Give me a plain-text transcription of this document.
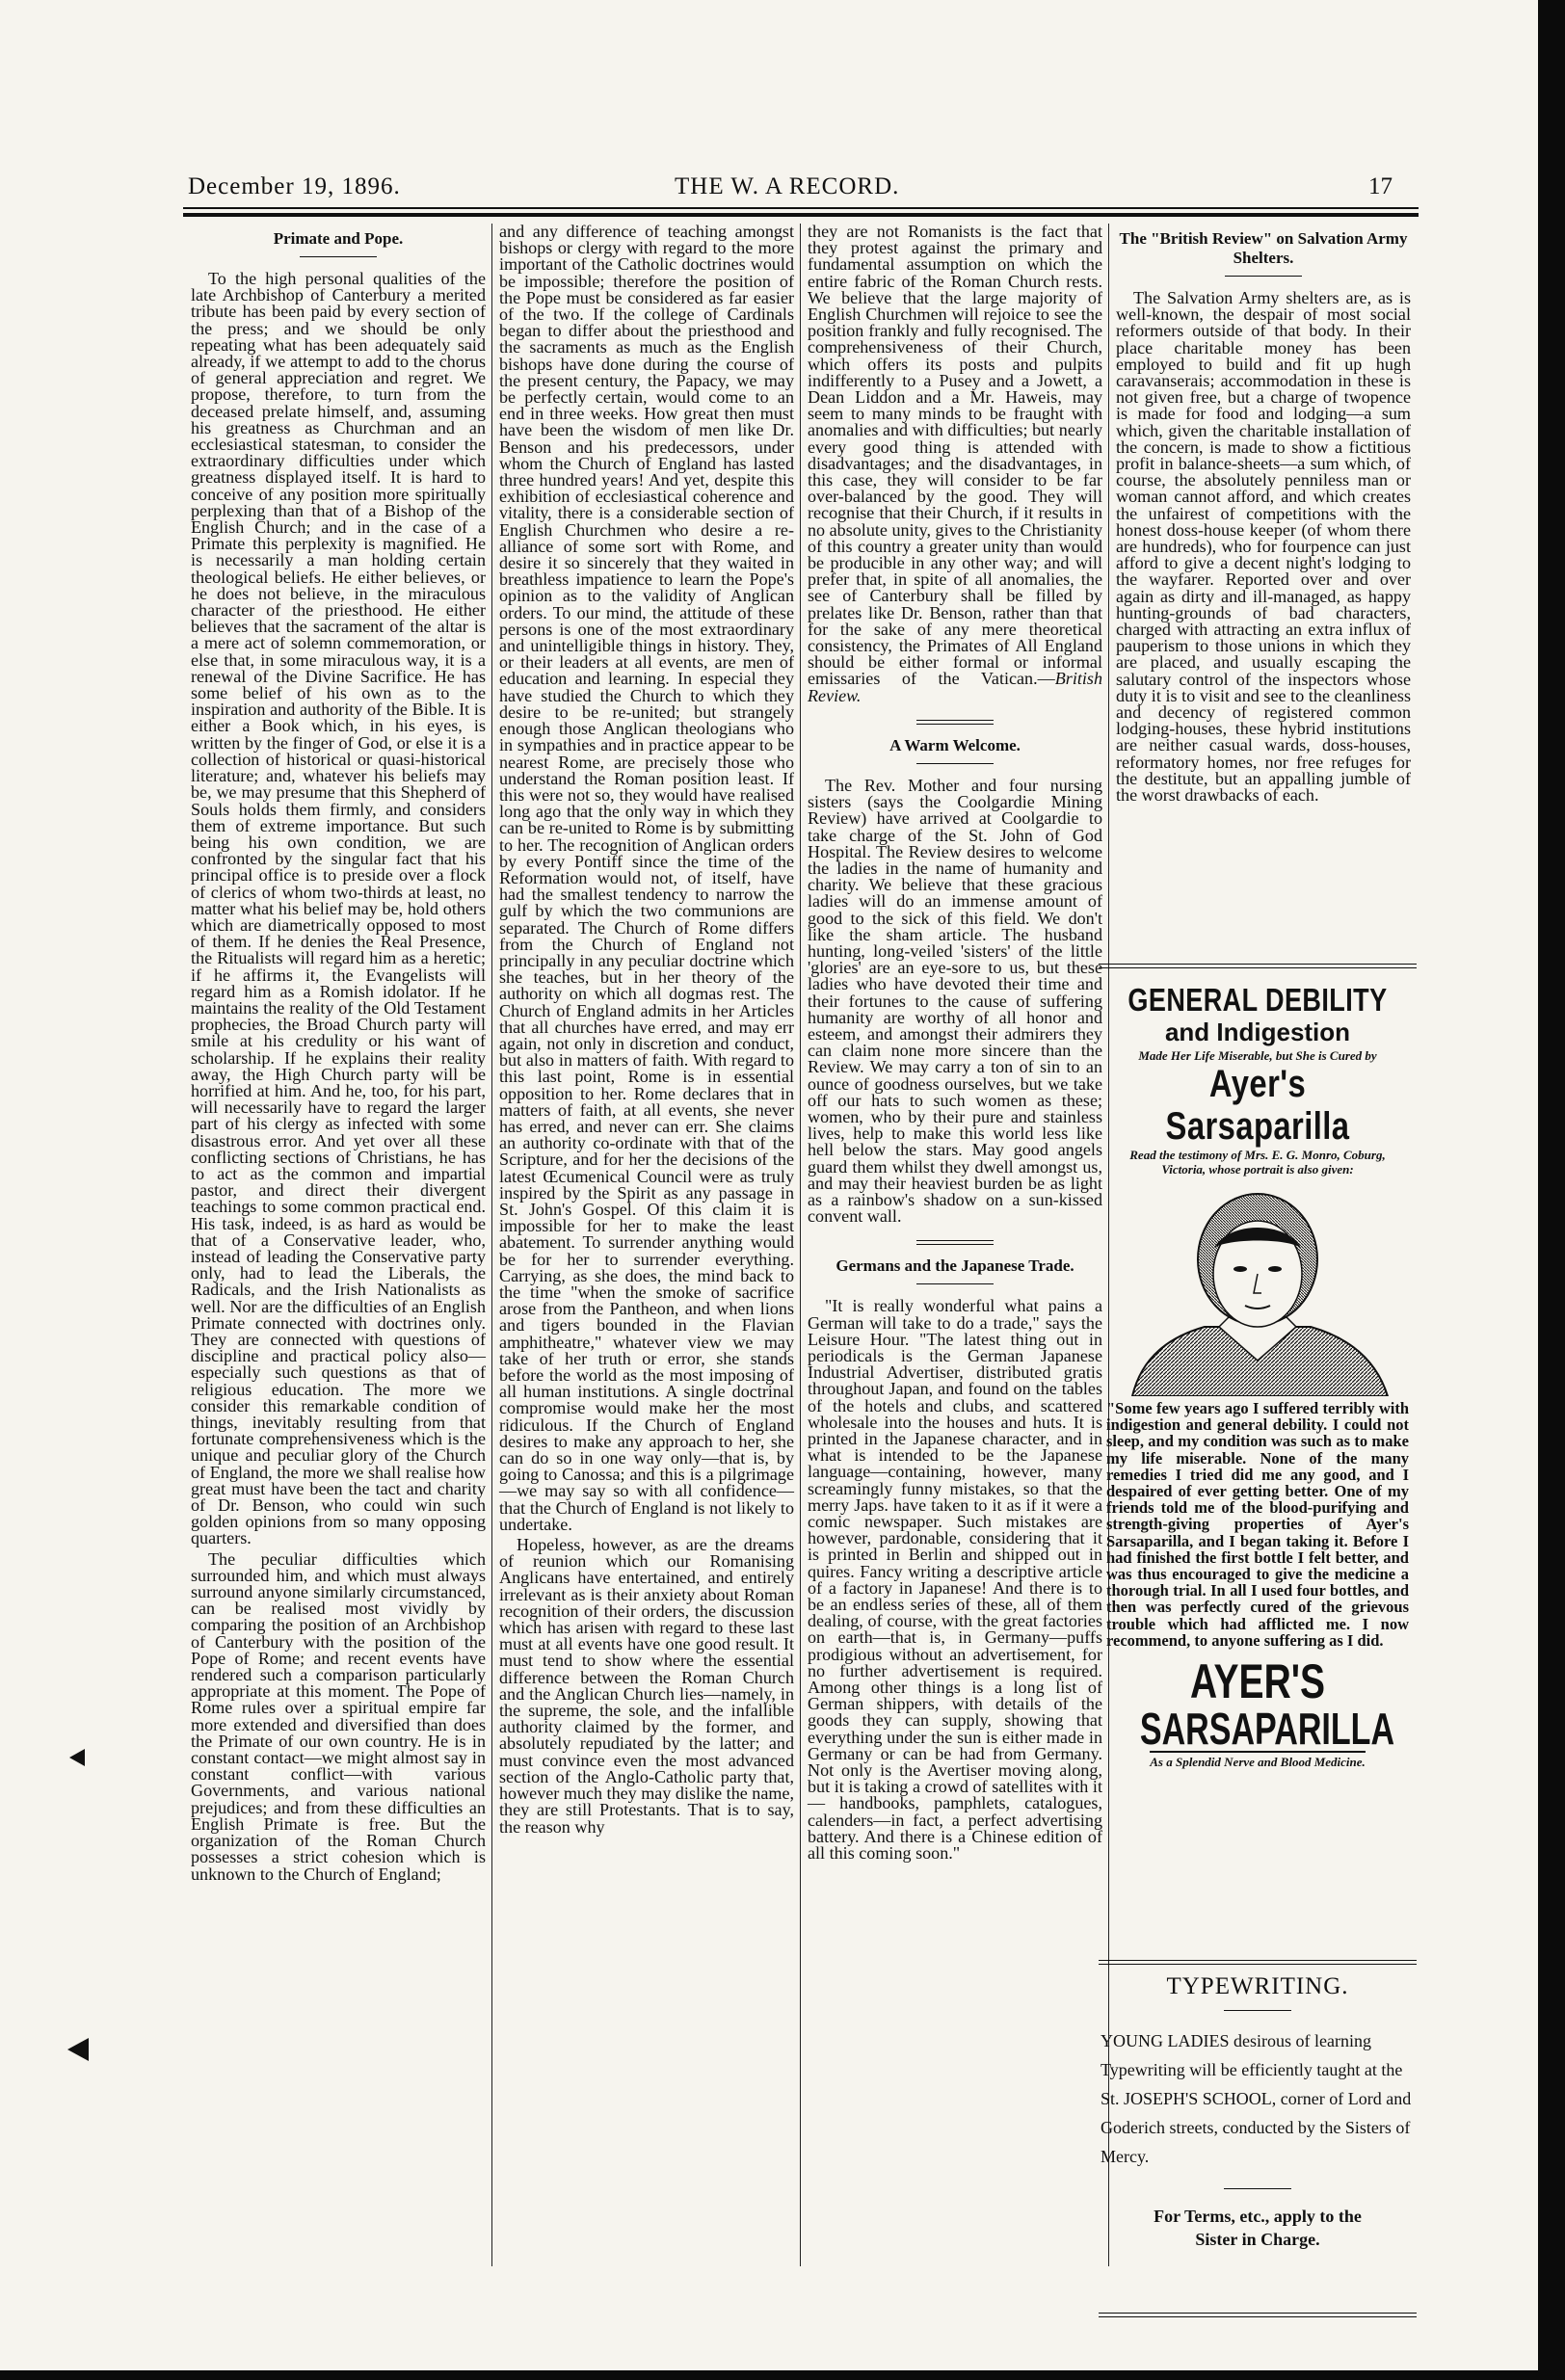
December 19, 1896.	THE W. A RECORD.	17
Primate and Pope.

To the high personal qualities of the late Archbishop of Canterbury a merited tribute has been paid by every section of the press; and we should be only repeating what has been adequately said already, if we attempt to add to the chorus of general appreciation and regret. We propose, therefore, to turn from the deceased prelate himself, and, assuming his greatness as Churchman and an ecclesiastical statesman, to consider the extraordinary difficulties under which greatness displayed itself. It is hard to conceive of any position more spiritually perplexing than that of a Bishop of the English Church; and in the case of a Primate this perplexity is magnified. He is necessarily a man holding certain theological beliefs. He either believes, or he does not believe, in the miraculous character of the priesthood. He either believes that the sacrament of the altar is a mere act of solemn commemoration, or else that, in some miraculous way, it is a renewal of the Divine Sacrifice. He has some belief of his own as to the inspiration and authority of the Bible. It is either a Book which, in his eyes, is written by the finger of God, or else it is a collection of historical or quasi-historical literature; and, whatever his beliefs may be, we may presume that this Shepherd of Souls holds them firmly, and considers them of extreme importance. But such being his own condition, we are confronted by the singular fact that his principal office is to preside over a flock of clerics of whom two-thirds at least, no matter what his belief may be, hold others which are diametrically opposed to most of them. If he denies the Real Presence, the Ritualists will regard him as a heretic; if he affirms it, the Evangelists will regard him as a Romish idolator. If he maintains the reality of the Old Testament prophecies, the Broad Church party will smile at his credulity or his want of scholarship. If he explains their reality away, the High Church party will be horrified at him. And he, too, for his part, will necessarily have to regard the larger part of his clergy as infected with some disastrous error. And yet over all these conflicting sections of Christians, he has to act as the common and impartial pastor, and direct their divergent teachings to some common practical end. His task, indeed, is as hard as would be that of a Conservative leader, who, instead of leading the Conservative party only, had to lead the Liberals, the Radicals, and the Irish Nationalists as well. Nor are the difficulties of an English Primate connected with doctrines only. They are connected with questions of discipline and practical policy also—especially such questions as that of religious education. The more we consider this remarkable condition of things, inevitably resulting from that fortunate comprehensiveness which is the unique and peculiar glory of the Church of England, the more we shall realise how great must have been the tact and charity of Dr. Benson, who could win such golden opinions from so many opposing quarters.

The peculiar difficulties which surrounded him, and which must always surround anyone similarly circumstanced, can be realised most vividly by comparing the position of an Archbishop of Canterbury with the position of the Pope of Rome; and recent events have rendered such a comparison particularly appropriate at this moment. The Pope of Rome rules over a spiritual empire far more extended and diversified than does the Primate of our own country. He is in constant contact—we might almost say in constant conflict—with various Governments, and various national prejudices; and from these difficulties an English Primate is free. But the organization of the Roman Church possesses a strict cohesion which is unknown to the Church of England;

and any difference of teaching amongst bishops or clergy with regard to the more important of the Catholic doctrines would be impossible; therefore the position of the Pope must be considered as far easier of the two. If the college of Cardinals began to differ about the priesthood and the sacraments as much as the English bishops have done during the course of the present century, the Papacy, we may be perfectly certain, would come to an end in three weeks. How great then must have been the wisdom of men like Dr. Benson and his predecessors, under whom the Church of England has lasted three hundred years! And yet, despite this exhibition of ecclesiastical coherence and vitality, there is a considerable section of English Churchmen who desire a re-alliance of some sort with Rome, and desire it so sincerely that they waited in breathless impatience to learn the Pope's opinion as to the validity of Anglican orders. To our mind, the attitude of these persons is one of the most extraordinary and unintelligible things in history. They, or their leaders at all events, are men of education and learning. In especial they have studied the Church to which they desire to be re-united; but strangely enough those Anglican theologians who in sympathies and in practice appear to be nearest Rome, are precisely those who understand the Roman position least. If this were not so, they would have realised long ago that the only way in which they can be re-united to Rome is by submitting to her. The recognition of Anglican orders by every Pontiff since the time of the Reformation would not, of itself, have had the smallest tendency to narrow the gulf by which the two communions are separated. The Church of Rome differs from the Church of England not principally in any peculiar doctrine which she teaches, but in her theory of the authority on which all dogmas rest. The Church of England admits in her Articles that all churches have erred, and may err again, not only in discretion and conduct, but also in matters of faith. With regard to this last point, Rome is in essential opposition to her. Rome declares that in matters of faith, at all events, she never has erred, and never can err. She claims an authority co-ordinate with that of the Scripture, and for her the decisions of the latest Œcumenical Council were as truly inspired by the Spirit as any passage in St. John's Gospel. Of this claim it is impossible for her to make the least abatement. To surrender anything would be for her to surrender everything. Carrying, as she does, the mind back to the time "when the smoke of sacrifice arose from the Pantheon, and when lions and tigers bounded in the Flavian amphitheatre," whatever view we may take of her truth or error, she stands before the world as the most imposing of all human institutions. A single doctrinal compromise would make her the most ridiculous. If the Church of England desires to make any approach to her, she can do so in one way only—that is, by going to Canossa; and this is a pilgrimage—we may say so with all confidence—that the Church of England is not likely to undertake.

Hopeless, however, as are the dreams of reunion which our Romanising Anglicans have entertained, and entirely irrelevant as is their anxiety about Roman recognition of their orders, the discussion which has arisen with regard to these last must at all events have one good result. It must tend to show where the essential difference between the Roman Church and the Anglican Church lies—namely, in the supreme, the sole, and the infallible authority claimed by the former, and absolutely repudiated by the latter; and must convince even the most advanced section of the Anglo-Catholic party that, however much they may dislike the name, they are still Protestants. That is to say, the reason why

they are not Romanists is the fact that they protest against the primary and fundamental assumption on which the entire fabric of the Roman Church rests. We believe that the large majority of English Churchmen will rejoice to see the position frankly and fully recognised. The comprehensiveness of their Church, which offers its posts and pulpits indifferently to a Pusey and a Jowett, a Dean Liddon and a Mr. Haweis, may seem to many minds to be fraught with anomalies and with difficulties; but nearly every good thing is attended with disadvantages; and the disadvantages, in this case, they will consider to be far over-balanced by the good. They will recognise that their Church, if it results in no absolute unity, gives to the Christianity of this country a greater unity than would be producible in any other way; and will prefer that, in spite of all anomalies, the see of Canterbury shall be filled by prelates like Dr. Benson, rather than that for the sake of any mere theoretical consistency, the Primates of All England should be either formal or informal emissaries of the Vatican.—British Review.

A Warm Welcome.

The Rev. Mother and four nursing sisters (says the Coolgardie Mining Review) have arrived at Coolgardie to take charge of the St. John of God Hospital. The Review desires to welcome the ladies in the name of humanity and charity. We believe that these gracious ladies will do an immense amount of good to the sick of this field. We don't like the sham article. The husband hunting, long-veiled 'sisters' of the little 'glories' are an eye-sore to us, but these ladies who have devoted their time and their fortunes to the cause of suffering humanity are worthy of all honor and esteem, and amongst their admirers they can claim none more sincere than the Review. We may carry a ton of sin to an ounce of goodness ourselves, but we take off our hats to such women as these; women, who by their pure and stainless lives, help to make this world less like hell below the stars. May good angels guard them whilst they dwell amongst us, and may their heaviest burden be as light as a rainbow's shadow on a sun-kissed convent wall.

Germans and the Japanese Trade.

"It is really wonderful what pains a German will take to do a trade," says the Leisure Hour. "The latest thing out in periodicals is the German Japanese Industrial Advertiser, distributed gratis throughout Japan, and found on the tables of the hotels and clubs, and scattered wholesale into the houses and huts. It is printed in the Japanese character, and in what is intended to be the Japanese language—containing, however, many screamingly funny mistakes, so that the merry Japs. have taken to it as if it were a comic newspaper. Such mistakes are however, pardonable, considering that it is printed in Berlin and shipped out in quires. Fancy writing a descriptive article of a factory in Japanese! And there is to be an endless series of these, all of them dealing, of course, with the great factories on earth—that is, in Germany—puffs prodigious without an advertisement, for no further advertisement is required. Among other things is a long list of German shippers, with details of the goods they can supply, showing that everything under the sun is either made in Germany or can be had from Germany. Not only is the Avertiser moving along, but it is taking a crowd of satellites with it — handbooks, pamphlets, catalogues, calenders—in fact, a perfect advertising battery. And there is a Chinese edition of all this coming soon."

The "British Review" on Salvation Army Shelters.

The Salvation Army shelters are, as is well-known, the despair of most social reformers outside of that body. In their place charitable money has been employed to build and fit up hugh caravanserais; accommodation in these is not given free, but a charge of twopence is made for food and lodging—a sum which, given the charitable installation of the concern, is made to show a fictitious profit in balance-sheets—a sum which, of course, the absolutely penniless man or woman cannot afford, and which creates the unfairest of competitions with the honest doss-house keeper (of whom there are hundreds), who for fourpence can just afford to give a decent night's lodging to the wayfarer. Reported over and over again as dirty and ill-managed, as happy hunting-grounds of bad characters, charged with attracting an extra influx of pauperism to those unions in which they are placed, and usually escaping the salutary control of the inspectors whose duty it is to visit and see to the cleanliness and decency of registered common lodging-houses, these hybrid institutions are neither casual wards, doss-houses, reformatory homes, nor free refuges for the destitute, but an appalling jumble of the worst drawbacks of each.

GENERAL DEBILITY
and Indigestion
Made Her Life Miserable, but She is Cured by
Ayer's Sarsaparilla
Read the testimony of Mrs. E. G. Monro, Coburg, Victoria, whose portrait is also given:
"Some few years ago I suffered terribly with indigestion and general debility. I could not sleep, and my condition was such as to make my life miserable. None of the many remedies I tried did me any good, and I despaired of ever getting better. One of my friends told me of the blood-purifying and strength-giving properties of Ayer's Sarsaparilla, and I began taking it. Before I had finished the first bottle I felt better, and was thus encouraged to give the medicine a thorough trial. In all I used four bottles, and then was perfectly cured of the grievous trouble which had afflicted me. I now recommend, to anyone suffering as I did.
AYER'S
SARSAPARILLA
As a Splendid Nerve and Blood Medicine.
TYPEWRITING.
YOUNG LADIES desirous of learning Typewriting will be efficiently taught at the St. JOSEPH'S SCHOOL, corner of Lord and Goderich streets, conducted by the Sisters of Mercy.
For Terms, etc., apply to the
Sister in Charge.
